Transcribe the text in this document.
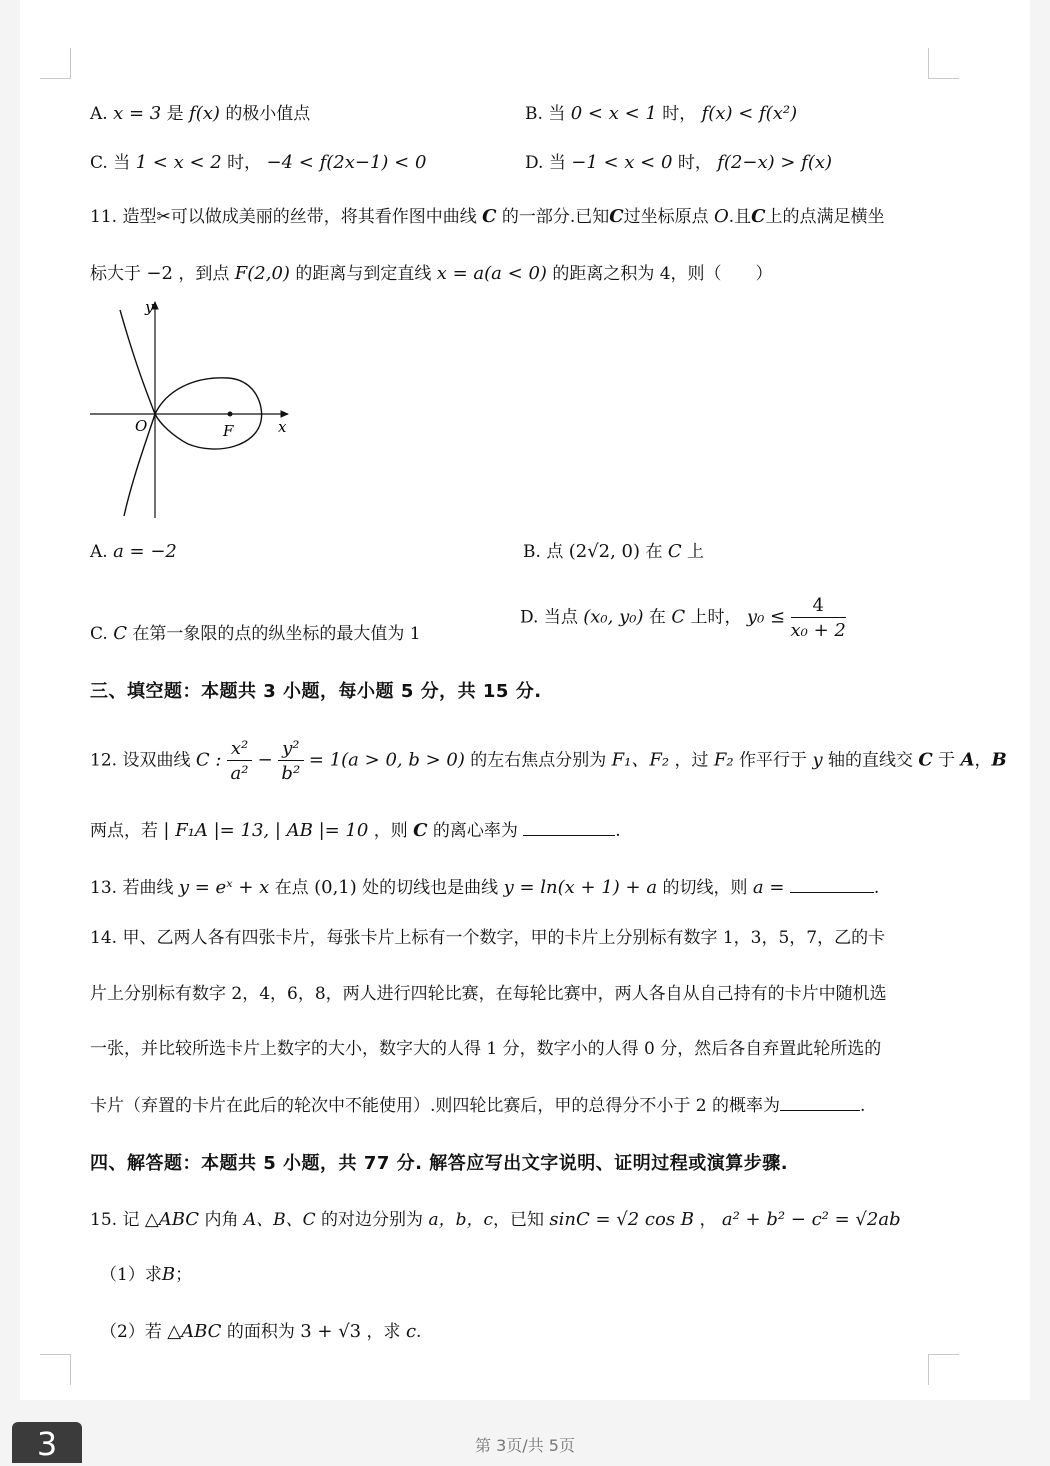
A. x = 3 是 f(x) 的极小值点	B. 当 0 < x < 1 时， f(x) < f(x²)
C. 当 1 < x < 2 时， −4 < f(2x−1) < 0	D. 当 −1 < x < 0 时， f(2−x) > f(x)
11. 造型✂可以做成美丽的丝带，将其看作图中曲线 C 的一部分.已知C过坐标原点 O.且C上的点满足横坐
标大于 −2 ，到点 F(2,0) 的距离与到定直线 x = a(a < 0) 的距离之积为 4，则（　　）
y
x
O	F
A. a = −2	B. 点 (2√2, 0) 在 C 上
C. C 在第一象限的点的纵坐标的最大值为 1
D. 当点 (x₀, y₀) 在 C 上时， $y_0 \le \frac{4}{\text{x₀ + 2}}$
三、填空题：本题共 3 小题，每小题 5 分，共 15 分.
12. 设双曲线 C : $\frac{\text{x²}}{\text{a²}} - \frac{\text{y²}}{\text{b²}} = 1(a > 0$, b > 0) 的左右焦点分别为 F₁、F₂ ，过 F₂ 作平行于 y 轴的直线交 C 于 A，B
两点，若 | F₁A |= 13, | AB |= 10 ，则 C 的离心率为	.
13. 若曲线 y = eˣ + x 在点 (0,1) 处的切线也是曲线 y = ln(x + 1) + a 的切线，则 a =	.
14. 甲、乙两人各有四张卡片，每张卡片上标有一个数字，甲的卡片上分别标有数字 1，3，5，7，乙的卡
片上分别标有数字 2，4，6，8，两人进行四轮比赛，在每轮比赛中，两人各自从自己持有的卡片中随机选
一张，并比较所选卡片上数字的大小，数字大的人得 1 分，数字小的人得 0 分，然后各自弃置此轮所选的
卡片（弃置的卡片在此后的轮次中不能使用）.则四轮比赛后，甲的总得分不小于 2 的概率为	.
四、解答题：本题共 5 小题，共 77 分. 解答应写出文字说明、证明过程或演算步骤.
15. 记 △ABC 内角 A、B、C 的对边分别为 a，b，c，已知 sinC = √2 cos B ， a² + b² − c² = √2ab
（1）求B；
（2）若 △ABC 的面积为 3 + √3 ，求 c.
3	第 3页/共 5页
